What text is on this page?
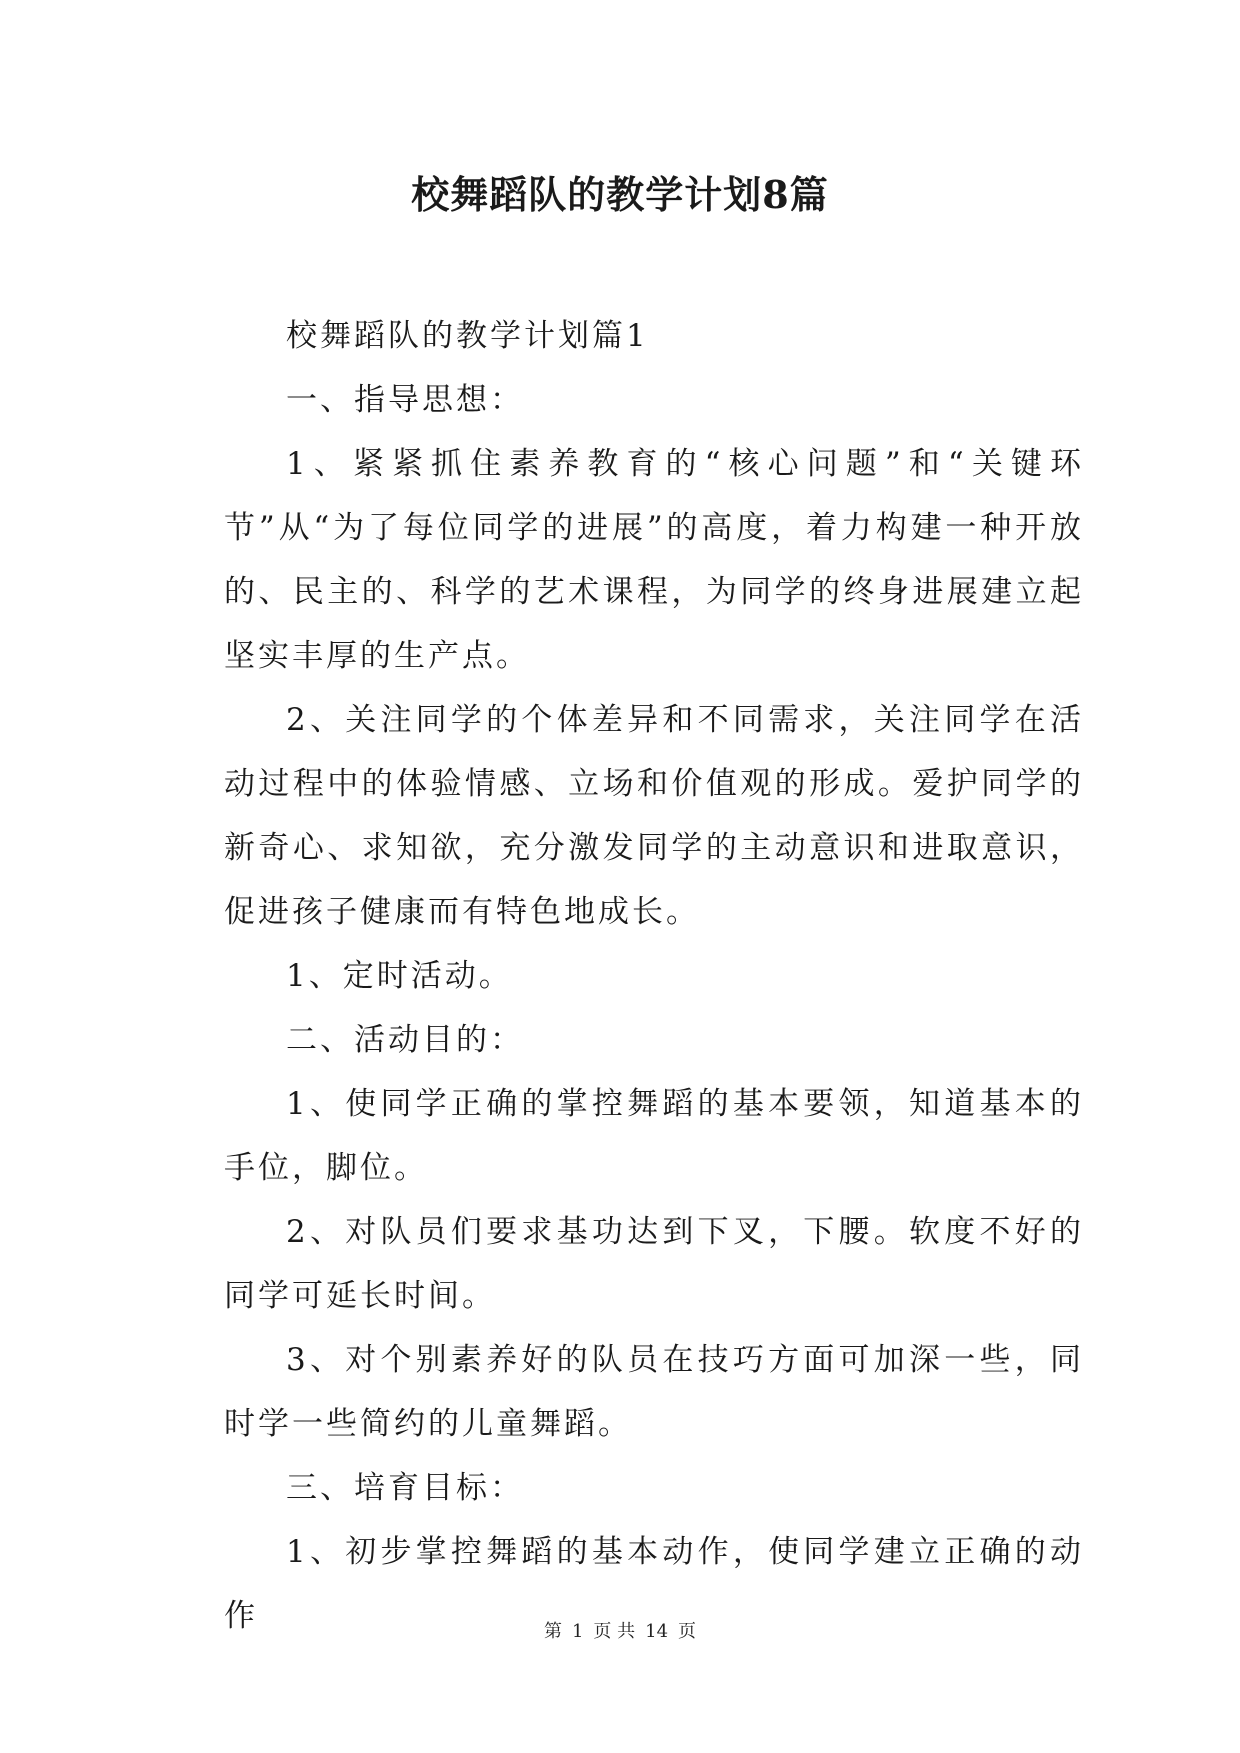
校舞蹈队的教学计划8篇

校舞蹈队的教学计划篇1

一、指导思想：

1、紧紧抓住素养教育的“核心问题”和“关键环节”从“为了每位同学的进展”的高度，着力构建一种开放的、民主的、科学的艺术课程，为同学的终身进展建立起坚实丰厚的生产点。

2、关注同学的个体差异和不同需求，关注同学在活动过程中的体验情感、立场和价值观的形成。爱护同学的新奇心、求知欲，充分激发同学的主动意识和进取意识，促进孩子健康而有特色地成长。

1、定时活动。

二、活动目的：

1、使同学正确的掌控舞蹈的基本要领，知道基本的手位，脚位。

2、对队员们要求基功达到下叉，下腰。软度不好的同学可延长时间。

3、对个别素养好的队员在技巧方面可加深一些，同时学一些简约的儿童舞蹈。

三、培育目标：

1、初步掌控舞蹈的基本动作，使同学建立正确的动作	第 1 页 共 14 页
